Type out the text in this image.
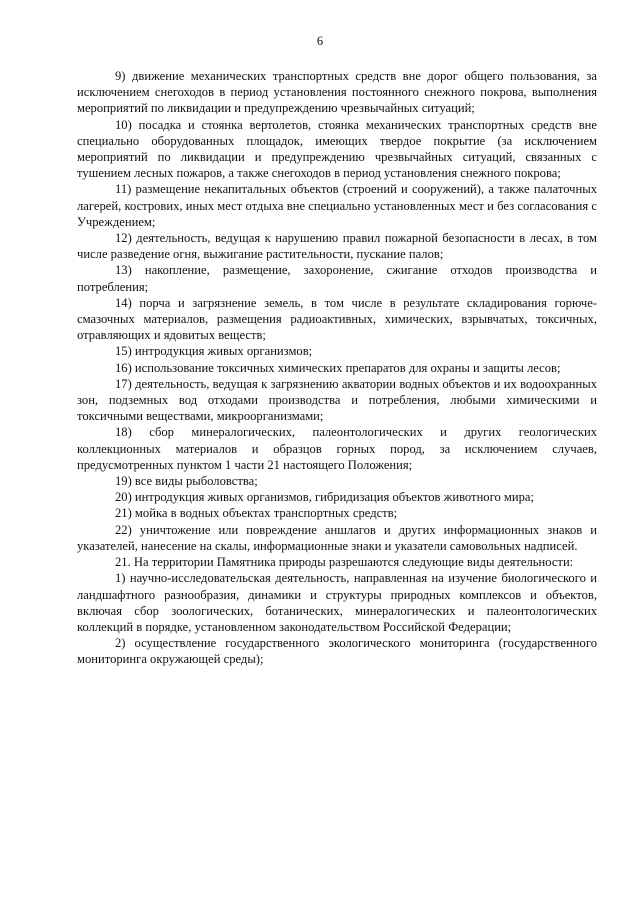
6

9) движение механических транспортных средств вне дорог общего пользования, за исключением снегоходов в период установления постоянного снежного покрова, выполнения мероприятий по ликвидации и предупреждению чрезвычайных ситуаций;

10) посадка и стоянка вертолетов, стоянка механических транспортных средств вне специально оборудованных площадок, имеющих твердое покрытие (за исключением мероприятий по ликвидации и предупреждению чрезвычайных ситуаций, связанных с тушением лесных пожаров, а также снегоходов в период установления снежного покрова;

11) размещение некапитальных объектов (строений и сооружений), а также палаточных лагерей, кострових, иных мест отдыха вне специально установленных мест и без согласования с Учреждением;

12) деятельность, ведущая к нарушению правил пожарной безопасности в лесах, в том числе разведение огня, выжигание растительности, пускание палов;

13) накопление, размещение, захоронение, сжигание отходов производства и потребления;

14) порча и загрязнение земель, в том числе в результате складирования горюче-смазочных материалов, размещения радиоактивных, химических, взрывчатых, токсичных, отравляющих и ядовитых веществ;

15) интродукция живых организмов;

16) использование токсичных химических препаратов для охраны и защиты лесов;

17) деятельность, ведущая к загрязнению акватории водных объектов и их водоохранных зон, подземных вод отходами производства и потребления, любыми химическими и токсичными веществами, микроорганизмами;

18) сбор минералогических, палеонтологических и других геологических коллекционных материалов и образцов горных пород, за исключением случаев, предусмотренных пунктом 1 части 21 настоящего Положения;

19) все виды рыболовства;

20) интродукция живых организмов, гибридизация объектов животного мира;

21) мойка в водных объектах транспортных средств;

22) уничтожение или повреждение аншлагов и других информационных знаков и указателей, нанесение на скалы, информационные знаки и указатели самовольных надписей.

21. На территории Памятника природы разрешаются следующие виды деятельности:

1) научно-исследовательская деятельность, направленная на изучение биологического и ландшафтного разнообразия, динамики и структуры природных комплексов и объектов, включая сбор зоологических, ботанических, минералогических и палеонтологических коллекций в порядке, установленном законодательством Российской Федерации;

2) осуществление государственного экологического мониторинга (государственного мониторинга окружающей среды);
